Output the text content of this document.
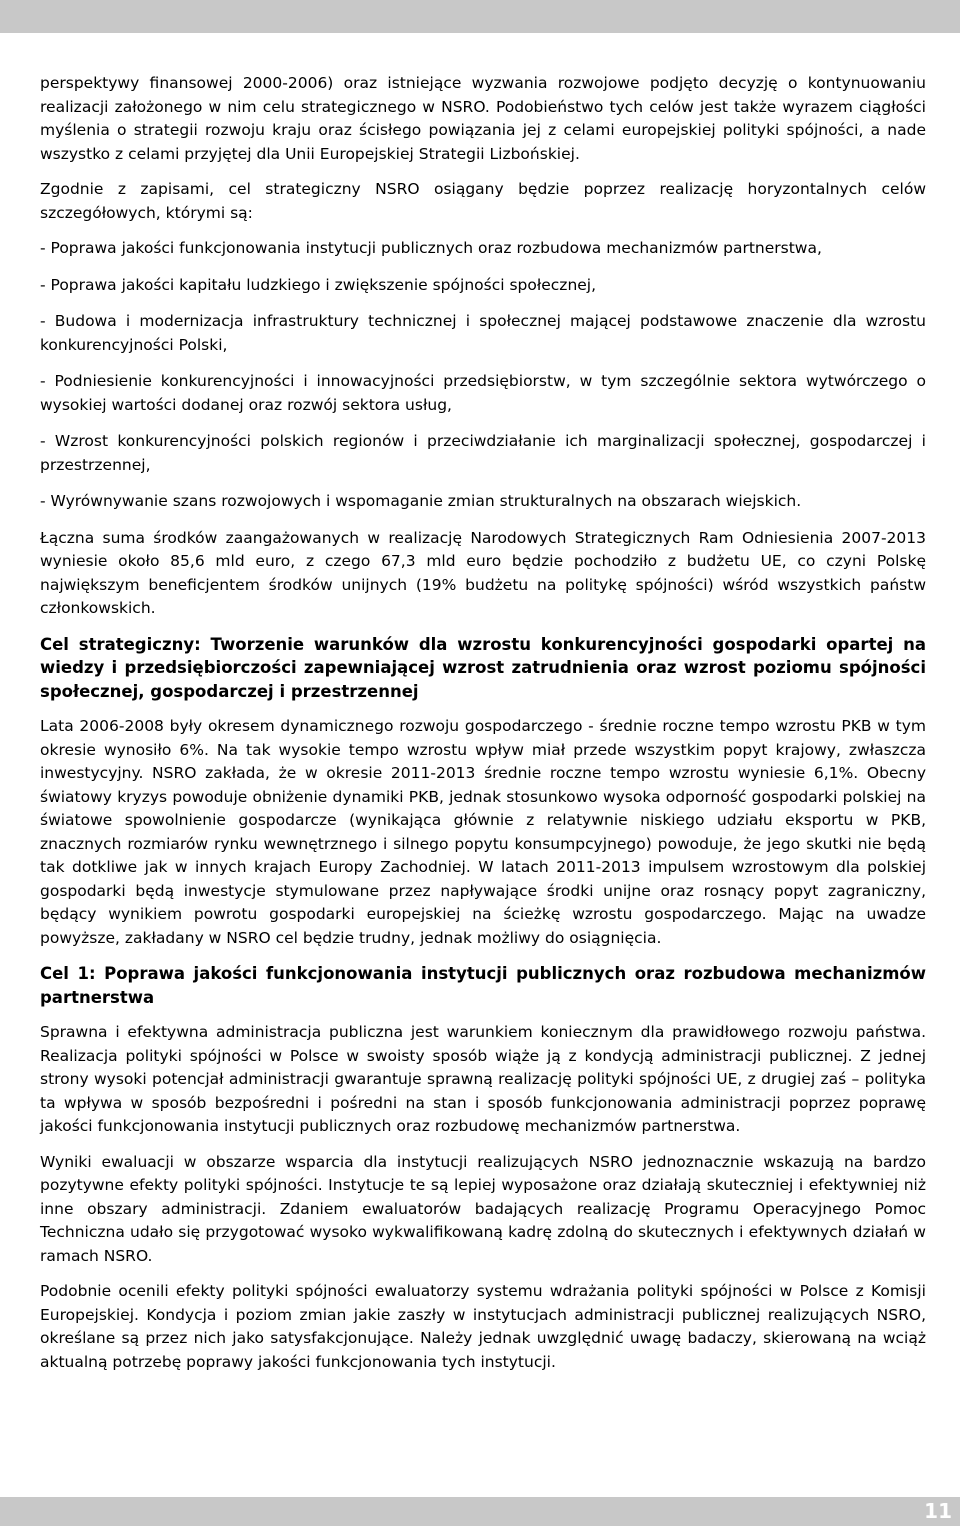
perspektywy finansowej 2000-2006) oraz istniejące wyzwania rozwojowe podjęto decyzję o kontynuowaniu realizacji założonego w nim celu strategicznego w NSRO. Podobieństwo tych celów jest także wyrazem ciągłości myślenia o strategii rozwoju kraju oraz ścisłego powiązania jej z celami europejskiej polityki spójności, a nade wszystko z celami przyjętej dla Unii Europejskiej Strategii Lizbońskiej.

Zgodnie z zapisami, cel strategiczny NSRO osiągany będzie poprzez realizację horyzontalnych celów szczegółowych, którymi są:

- Poprawa jakości funkcjonowania instytucji publicznych oraz rozbudowa mechanizmów partnerstwa,

- Poprawa jakości kapitału ludzkiego i zwiększenie spójności społecznej,

- Budowa i modernizacja infrastruktury technicznej i społecznej mającej podstawowe znaczenie dla wzrostu konkurencyjności Polski,

- Podniesienie konkurencyjności i innowacyjności przedsiębiorstw, w tym szczególnie sektora wytwórczego o wysokiej wartości dodanej oraz rozwój sektora usług,

- Wzrost konkurencyjności polskich regionów i przeciwdziałanie ich marginalizacji społecznej, gospodarczej i przestrzennej,

- Wyrównywanie szans rozwojowych i wspomaganie zmian strukturalnych na obszarach wiejskich.

Łączna suma środków zaangażowanych w realizację Narodowych Strategicznych Ram Odniesienia 2007-2013 wyniesie około 85,6 mld euro, z czego 67,3 mld euro będzie pochodziło z budżetu UE, co czyni Polskę największym beneficjentem środków unijnych (19% budżetu na politykę spójności) wśród wszystkich państw członkowskich.

Cel strategiczny: Tworzenie warunków dla wzrostu konkurencyjności gospodarki opartej na wiedzy i przedsiębiorczości zapewniającej wzrost zatrudnienia oraz wzrost poziomu spójności społecznej, gospodarczej i przestrzennej

Lata 2006-2008 były okresem dynamicznego rozwoju gospodarczego - średnie roczne tempo wzrostu PKB w tym okresie wynosiło 6%. Na tak wysokie tempo wzrostu wpływ miał przede wszystkim popyt krajowy, zwłaszcza inwestycyjny. NSRO zakłada, że w okresie 2011-2013 średnie roczne tempo wzrostu wyniesie 6,1%. Obecny światowy kryzys powoduje obniżenie dynamiki PKB, jednak stosunkowo wysoka odporność gospodarki polskiej na światowe spowolnienie gospodarcze (wynikająca głównie z relatywnie niskiego udziału eksportu w PKB, znacznych rozmiarów rynku wewnętrznego i silnego popytu konsumpcyjnego) powoduje, że jego skutki nie będą tak dotkliwe jak w innych krajach Europy Zachodniej. W latach 2011-2013 impulsem wzrostowym dla polskiej gospodarki będą inwestycje stymulowane przez napływające środki unijne oraz rosnący popyt zagraniczny, będący wynikiem powrotu gospodarki europejskiej na ścieżkę wzrostu gospodarczego. Mając na uwadze powyższe, zakładany w NSRO cel będzie trudny, jednak możliwy do osiągnięcia.

Cel 1: Poprawa jakości funkcjonowania instytucji publicznych oraz rozbudowa mechanizmów partnerstwa

Sprawna i efektywna administracja publiczna jest warunkiem koniecznym dla prawidłowego rozwoju państwa. Realizacja polityki spójności w Polsce w swoisty sposób wiąże ją z kondycją administracji publicznej. Z jednej strony wysoki potencjał administracji gwarantuje sprawną realizację polityki spójności UE, z drugiej zaś – polityka ta wpływa w sposób bezpośredni i pośredni na stan i sposób funkcjonowania administracji poprzez poprawę jakości funkcjonowania instytucji publicznych oraz rozbudowę mechanizmów partnerstwa.

Wyniki ewaluacji w obszarze wsparcia dla instytucji realizujących NSRO jednoznacznie wskazują na bardzo pozytywne efekty polityki spójności. Instytucje te są lepiej wyposażone oraz działają skuteczniej i efektywniej niż inne obszary administracji. Zdaniem ewaluatorów badających realizację Programu Operacyjnego Pomoc Techniczna udało się przygotować wysoko wykwalifikowaną kadrę zdolną do skutecznych i efektywnych działań w ramach NSRO.

Podobnie ocenili efekty polityki spójności ewaluatorzy systemu wdrażania polityki spójności w Polsce z Komisji Europejskiej. Kondycja i poziom zmian jakie zaszły w instytucjach administracji publicznej realizujących NSRO, określane są przez nich jako satysfakcjonujące. Należy jednak uwzględnić uwagę badaczy, skierowaną na wciąż aktualną potrzebę poprawy jakości funkcjonowania tych instytucji.

11
